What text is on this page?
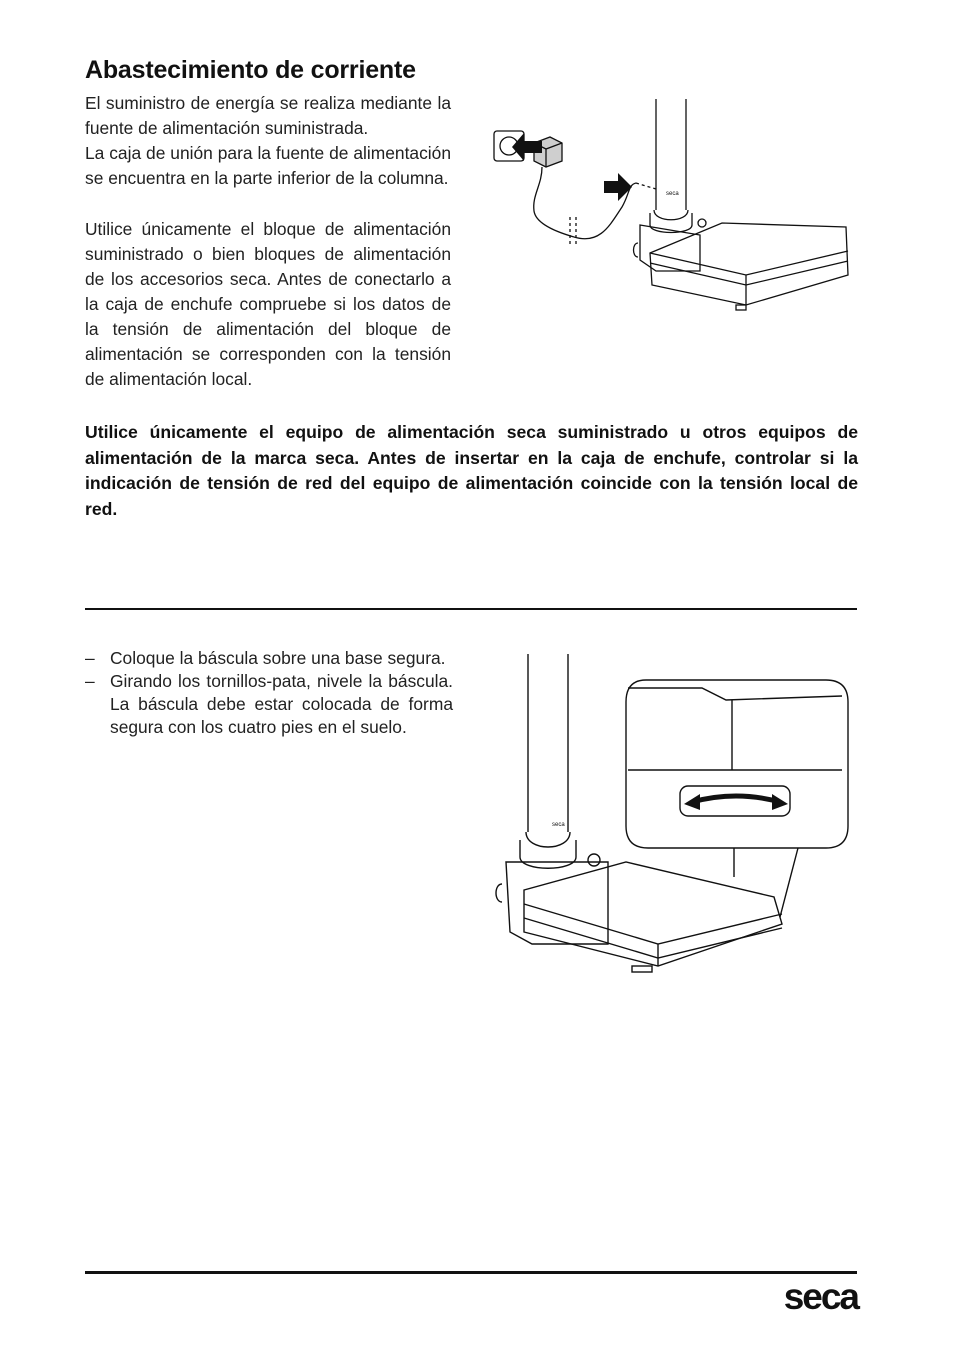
Abastecimiento de corriente

El suministro de energía se realiza mediante la fuente de alimentación suministrada.

La caja de unión para la fuente de alimentación se encuentra en la parte inferior de la columna.

Utilice únicamente el bloque de alimentación suministrado o bien bloques de alimentación de los accesorios seca. Antes de conectarlo a la caja de enchufe compruebe si los datos de la tensión de alimentación del bloque de alimentación se corresponden con la tensión de alimentación local.

Utilice únicamente el equipo de alimentación seca suministrado u otros equipos de alimentación de la marca seca. Antes de insertar en la caja de enchufe, controlar si la indicación de tensión de red del equipo de alimentación coincide con la tensión local de red.

seca
– Coloque la báscula sobre una base segura.
– Girando los tornillos-pata, nivele la báscula. La báscula debe estar colocada de forma segura con los cuatro pies en el suelo.
seca
seca
